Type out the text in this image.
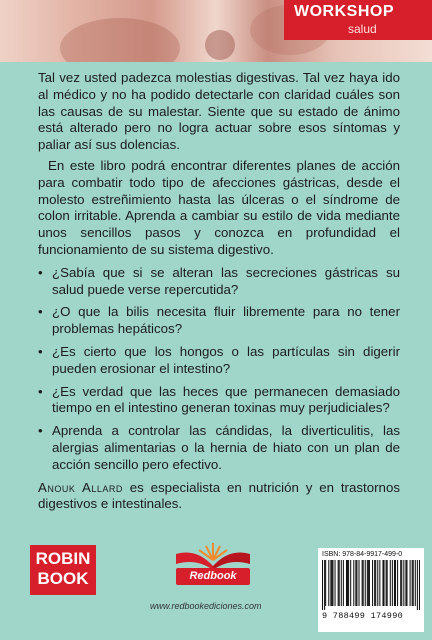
WORKSHOP
salud

Tal vez usted padezca molestias digestivas. Tal vez haya ido al médico y no ha podido detectarle con claridad cuáles son las causas de su malestar. Siente que su estado de ánimo está alterado pero no logra actuar sobre esos síntomas y paliar así sus dolencias.

En este libro podrá encontrar diferentes planes de acción para combatir todo tipo de afecciones gástricas, desde el molesto estreñimiento hasta las úlceras o el síndrome de colon irritable. Aprenda a cambiar su estilo de vida mediante unos sencillos pasos y conozca en profundidad el funcionamiento de su sistema digestivo.

• ¿Sabía que si se alteran las secreciones gástricas su salud puede verse repercutida?
• ¿O que la bilis necesita fluir libremente para no tener problemas hepáticos?
• ¿Es cierto que los hongos o las partículas sin digerir pueden erosionar el intestino?
• ¿Es verdad que las heces que permanecen demasiado tiempo en el intestino generan toxinas muy perjudiciales?
• Aprenda a controlar las cándidas, la diverticulitis, las alergias alimentarias o la hernia de hiato con un plan de acción sencillo pero efectivo.

Anouk Allard es especialista en nutrición y en trastornos digestivos e intestinales.

ROBIN
BOOK	Redbook
www.redbookediciones.com
ISBN: 978-84-9917-499-0
9 788499 174990
